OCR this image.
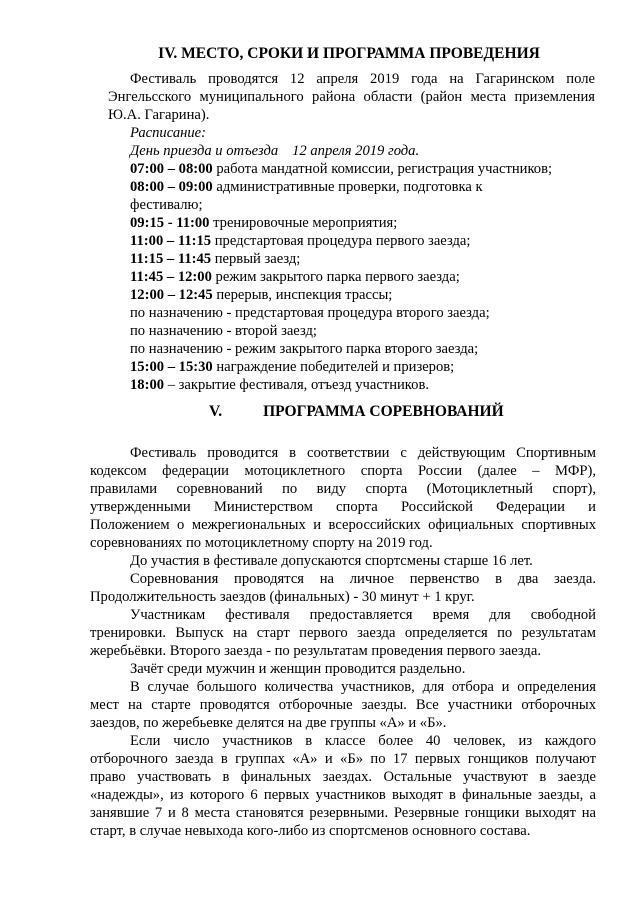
IV. МЕСТО, СРОКИ И ПРОГРАММА ПРОВЕДЕНИЯ

Фестиваль проводятся 12 апреля 2019 года на Гагаринском поле

Энгельсского муниципального района области (район места приземления

Ю.А. Гагарина).

Расписание:

День приезда и отъезда 12 апреля 2019 года.

07:00 – 08:00 работа мандатной комиссии, регистрация участников;

08:00 – 09:00 административные проверки, подготовка к

фестивалю;

09:15 - 11:00 тренировочные мероприятия;

11:00 – 11:15 предстартовая процедура первого заезда;

11:15 – 11:45 первый заезд;

11:45 – 12:00 режим закрытого парка первого заезда;

12:00 – 12:45 перерыв, инспекция трассы;

по назначению - предстартовая процедура второго заезда;

по назначению - второй заезд;

по назначению - режим закрытого парка второго заезда;

15:00 – 15:30 награждение победителей и призеров;

18:00 – закрытие фестиваля, отъезд участников.

V.	ПРОГРАММА СОРЕВНОВАНИЙ

Фестиваль проводится в соответствии с действующим Спортивным

кодексом федерации мотоциклетного спорта России (далее – МФР),

правилами соревнований по виду спорта (Мотоциклетный спорт),

утвержденными Министерством спорта Российской Федерации и

Положением о межрегиональных и всероссийских официальных спортивных

соревнованиях по мотоциклетному спорту на 2019 год.

До участия в фестивале допускаются спортсмены старше 16 лет.

Соревнования проводятся на личное первенство в два заезда.

Продолжительность заездов (финальных) - 30 минут + 1 круг.

Участникам фестиваля предоставляется время для свободной

тренировки. Выпуск на старт первого заезда определяется по результатам

жеребьёвки. Второго заезда - по результатам проведения первого заезда.

Зачёт среди мужчин и женщин проводится раздельно.

В случае большого количества участников, для отбора и определения

мест на старте проводятся отборочные заезды. Все участники отборочных

заездов, по жеребьевке делятся на две группы «А» и «Б».

Если число участников в классе более 40 человек, из каждого

отборочного заезда в группах «А» и «Б» по 17 первых гонщиков получают

право участвовать в финальных заездах. Остальные участвуют в заезде

«надежды», из которого 6 первых участников выходят в финальные заезды, а

занявшие 7 и 8 места становятся резервными. Резервные гонщики выходят на

старт, в случае невыхода кого-либо из спортсменов основного состава.
